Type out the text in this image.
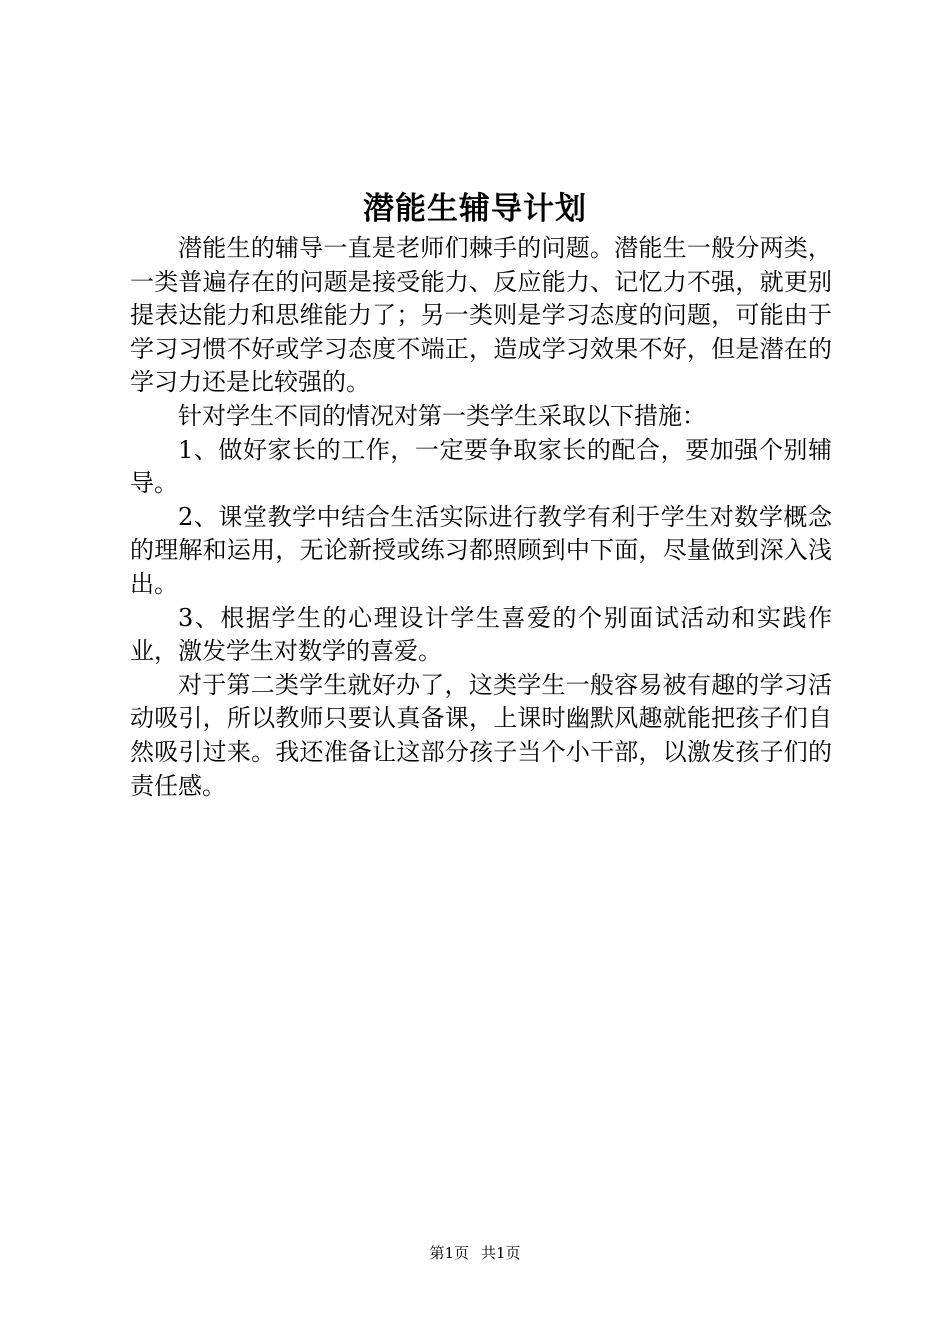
潜能生辅导计划

潜能生的辅导一直是老师们棘手的问题。潜能生一般分两类，一类普遍存在的问题是接受能力、反应能力、记忆力不强，就更别提表达能力和思维能力了；另一类则是学习态度的问题，可能由于学习习惯不好或学习态度不端正，造成学习效果不好，但是潜在的学习力还是比较强的。

针对学生不同的情况对第一类学生采取以下措施：

1、做好家长的工作，一定要争取家长的配合，要加强个别辅导。

2、课堂教学中结合生活实际进行教学有利于学生对数学概念的理解和运用，无论新授或练习都照顾到中下面，尽量做到深入浅出。

3、根据学生的心理设计学生喜爱的个别面试活动和实践作业，激发学生对数学的喜爱。

对于第二类学生就好办了，这类学生一般容易被有趣的学习活动吸引，所以教师只要认真备课，上课时幽默风趣就能把孩子们自然吸引过来。我还准备让这部分孩子当个小干部，以激发孩子们的责任感。

第1页 共1页
